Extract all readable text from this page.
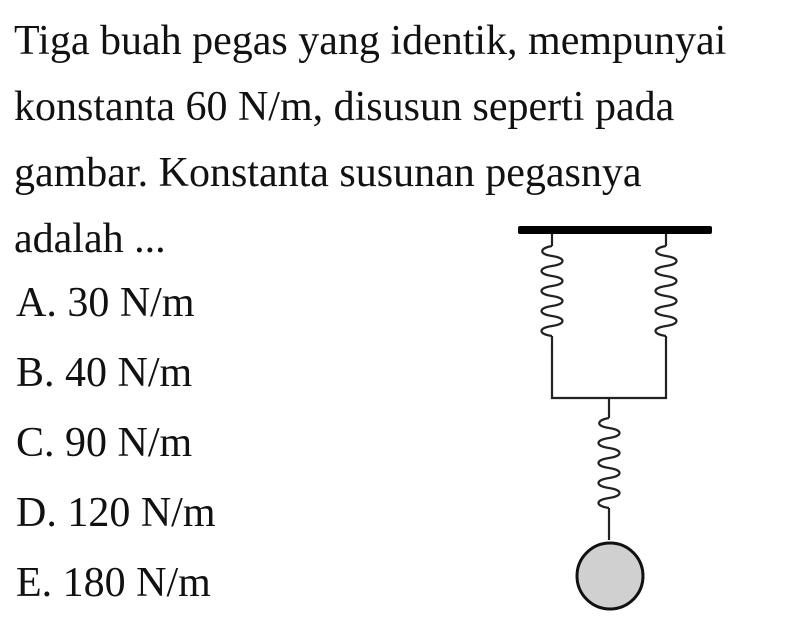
Tiga buah pegas yang identik, mempunyai
konstanta 60 N/m, disusun seperti pada
gambar. Konstanta susunan pegasnya
adalah ...
A. 30 N/m
B. 40 N/m
C. 90 N/m
D. 120 N/m
E. 180 N/m
